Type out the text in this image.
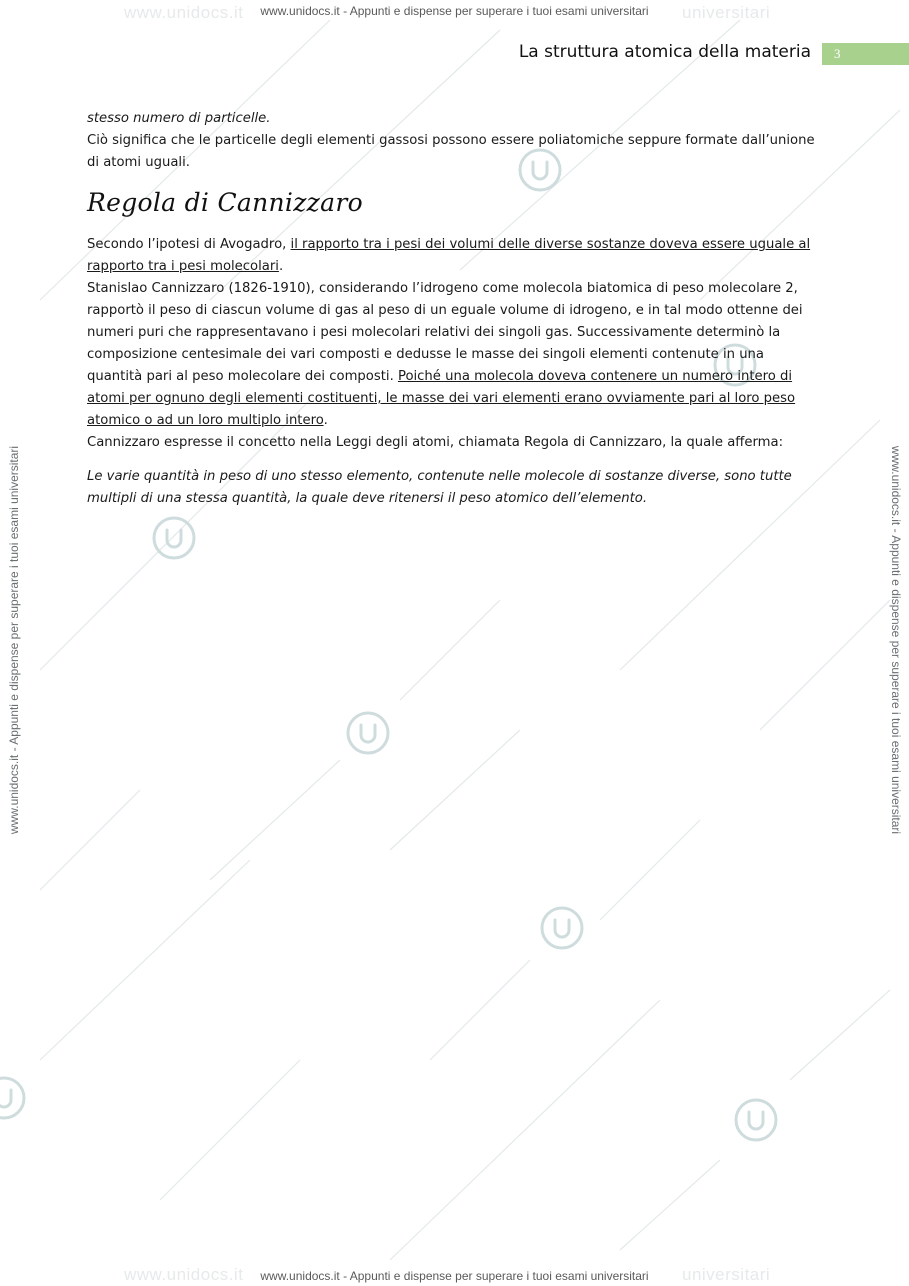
www.unidocs.it	universitari
www.unidocs.it	universitari
www.unidocs.it - Appunti e dispense per superare i tuoi esami universitari
www.unidocs.it - Appunti e dispense per superare i tuoi esami universitari
www.unidocs.it - Appunti e dispense per superare i tuoi esami universitari	www.unidocs.it - Appunti e dispense per superare i tuoi esami universitari
La struttura atomica della materia	3

stesso numero di particelle.

Ciò significa che le particelle degli elementi gassosi possono essere poliatomiche seppure formate dall’unione di atomi uguali.

Regola di Cannizzaro

Secondo l’ipotesi di Avogadro, il rapporto tra i pesi dei volumi delle diverse sostanze doveva essere uguale al rapporto tra i pesi molecolari.

Stanislao Cannizzaro (1826-1910), considerando l’idrogeno come molecola biatomica di peso molecolare 2, rapportò il peso di ciascun volume di gas al peso di un eguale volume di idrogeno, e in tal modo ottenne dei numeri puri che rappresentavano i pesi molecolari relativi dei singoli gas. Successivamente determinò la composizione centesimale dei vari composti e dedusse le masse dei singoli elementi contenute in una quantità pari al peso molecolare dei composti. Poiché una molecola doveva contenere un numero intero di atomi per ognuno degli elementi costituenti, le masse dei vari elementi erano ovviamente pari al loro peso atomico o ad un loro multiplo intero.

Cannizzaro espresse il concetto nella Leggi degli atomi, chiamata Regola di Cannizzaro, la quale afferma:

Le varie quantità in peso di uno stesso elemento, contenute nelle molecole di sostanze diverse, sono tutte multipli di una stessa quantità, la quale deve ritenersi il peso atomico dell’elemento.
